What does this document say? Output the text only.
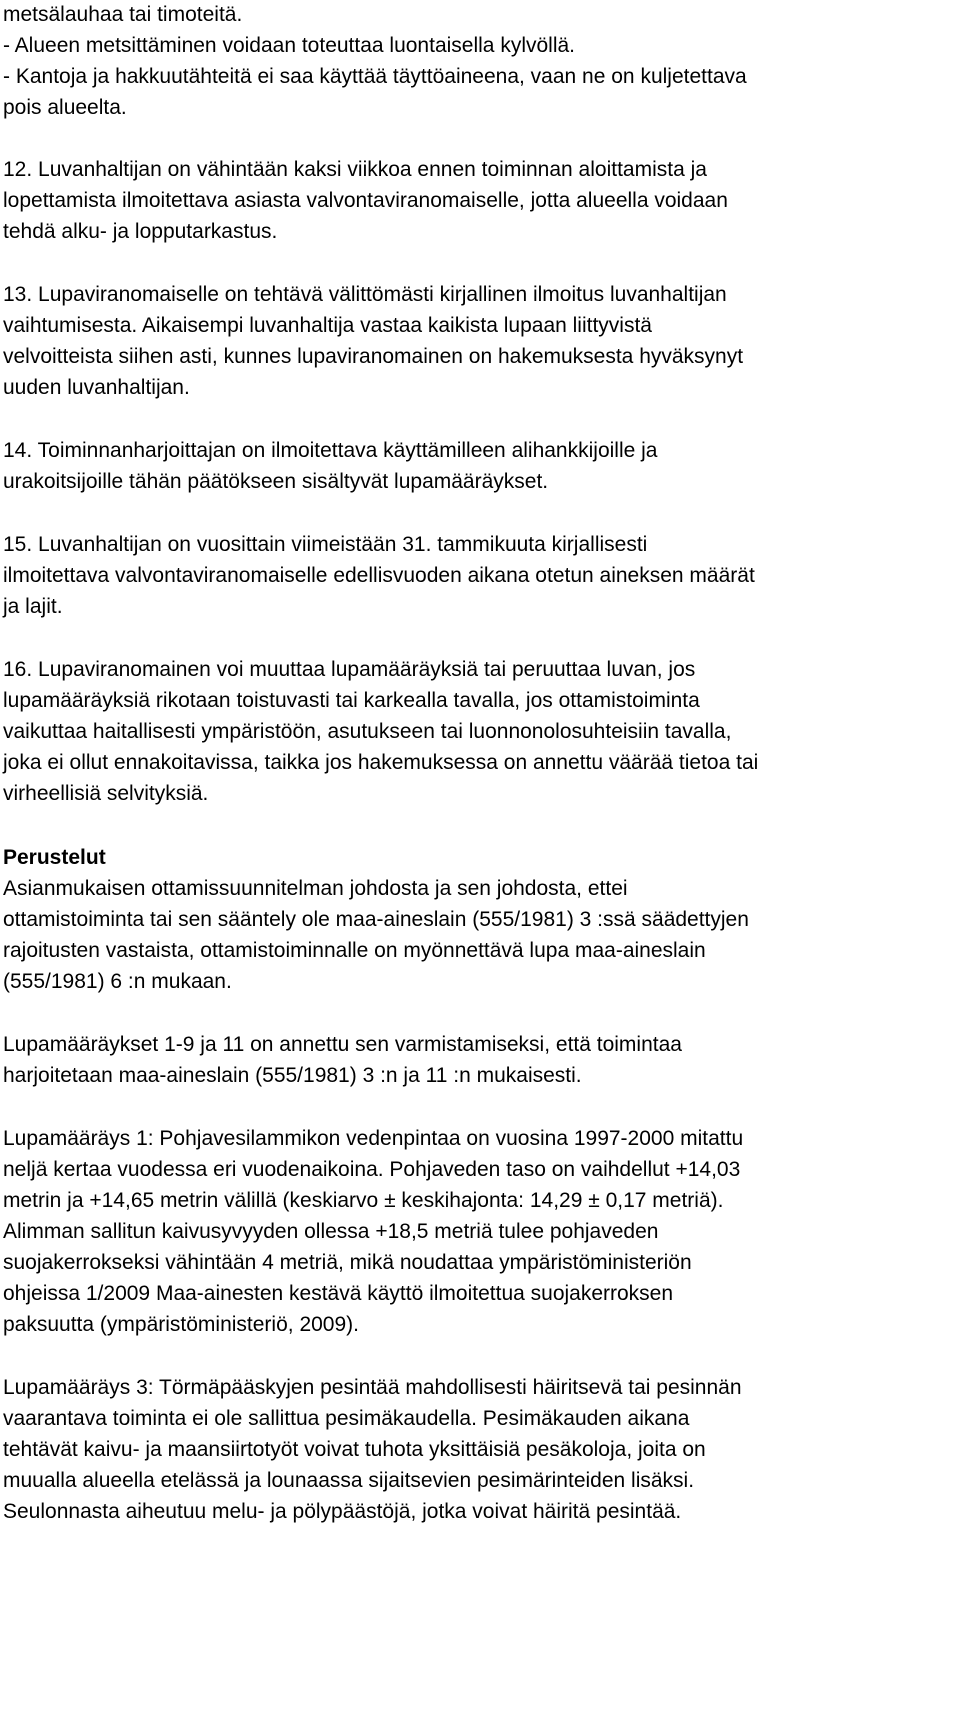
metsälauhaa tai timoteitä.
- Alueen metsittäminen voidaan toteuttaa luontaisella kylvöllä.
- Kantoja ja hakkuutähteitä ei saa käyttää täyttöaineena, vaan ne on kuljetettava
pois alueelta.
12. Luvanhaltijan on vähintään kaksi viikkoa ennen toiminnan aloittamista ja
lopettamista ilmoitettava asiasta valvontaviranomaiselle, jotta alueella voidaan
tehdä alku- ja lopputarkastus.
13. Lupaviranomaiselle on tehtävä välittömästi kirjallinen ilmoitus luvanhaltijan
vaihtumisesta. Aikaisempi luvanhaltija vastaa kaikista lupaan liittyvistä
velvoitteista siihen asti, kunnes lupaviranomainen on hakemuksesta hyväksynyt
uuden luvanhaltijan.
14. Toiminnanharjoittajan on ilmoitettava käyttämilleen alihankkijoille ja
urakoitsijoille tähän päätökseen sisältyvät lupamääräykset.
15. Luvanhaltijan on vuosittain viimeistään 31. tammikuuta kirjallisesti
ilmoitettava valvontaviranomaiselle edellisvuoden aikana otetun aineksen määrät
ja lajit.
16. Lupaviranomainen voi muuttaa lupamääräyksiä tai peruuttaa luvan, jos
lupamääräyksiä rikotaan toistuvasti tai karkealla tavalla, jos ottamistoiminta
vaikuttaa haitallisesti ympäristöön, asutukseen tai luonnonolosuhteisiin tavalla,
joka ei ollut ennakoitavissa, taikka jos hakemuksessa on annettu väärää tietoa tai
virheellisiä selvityksiä.
Perustelut
Asianmukaisen ottamissuunnitelman johdosta ja sen johdosta, ettei
ottamistoiminta tai sen sääntely ole maa-aineslain (555/1981) 3 :ssä säädettyjen
rajoitusten vastaista, ottamistoiminnalle on myönnettävä lupa maa-aineslain
(555/1981) 6 :n mukaan.
Lupamääräykset 1-9 ja 11 on annettu sen varmistamiseksi, että toimintaa
harjoitetaan maa-aineslain (555/1981) 3 :n ja 11 :n mukaisesti.
Lupamääräys 1: Pohjavesilammikon vedenpintaa on vuosina 1997-2000 mitattu
neljä kertaa vuodessa eri vuodenaikoina. Pohjaveden taso on vaihdellut +14,03
metrin ja +14,65 metrin välillä (keskiarvo ± keskihajonta: 14,29 ± 0,17 metriä).
Alimman sallitun kaivusyvyyden ollessa +18,5 metriä tulee pohjaveden
suojakerrokseksi vähintään 4 metriä, mikä noudattaa ympäristöministeriön
ohjeissa 1/2009 Maa-ainesten kestävä käyttö ilmoitettua suojakerroksen
paksuutta (ympäristöministeriö, 2009).
Lupamääräys 3: Törmäpääskyjen pesintää mahdollisesti häiritsevä tai pesinnän
vaarantava toiminta ei ole sallittua pesimäkaudella. Pesimäkauden aikana
tehtävät kaivu- ja maansiirtotyöt voivat tuhota yksittäisiä pesäkoloja, joita on
muualla alueella etelässä ja lounaassa sijaitsevien pesimärinteiden lisäksi.
Seulonnasta aiheutuu melu- ja pölypäästöjä, jotka voivat häiritä pesintää.
